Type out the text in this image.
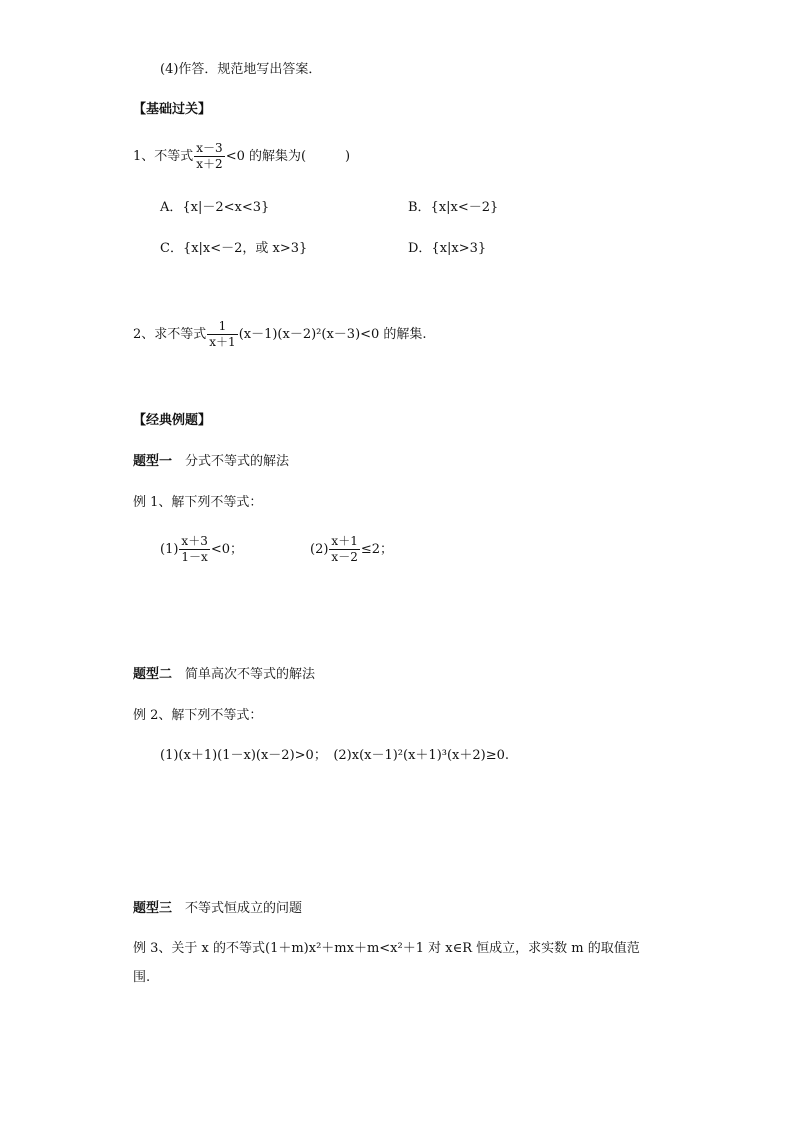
(4)作答．规范地写出答案．
【基础过关】
1、不等式 $\frac{x-3}{x+2} <0$ 的解集为(　　　)
A．{x|－2<x<3}	B．{x|x<－2}
C．{x|x<－2，或 x>3}	D．{x|x>3}
2、求不等式 $\frac{1}{x+1} (x-1)(x-2)^2(x-3)<0$ 的解集.
【经典例题】
题型一　 分式不等式的解法
例 1、解下列不等式：
$(1) \frac{x+3}{1-x} <0$；	$(2) \frac{x+1}{x-2} \le 2$；
题型二　 简单高次不等式的解法
例 2、解下列不等式：
(1)(x＋1)(1－x)(x－2)>0；　(2)x(x－1)²(x＋1)³(x＋2)≥0.
题型三　 不等式恒成立的问题
例 3、关于 x 的不等式(1＋m)x²＋mx＋m<x²＋1 对 x∈R 恒成立，求实数 m 的取值范
围.
